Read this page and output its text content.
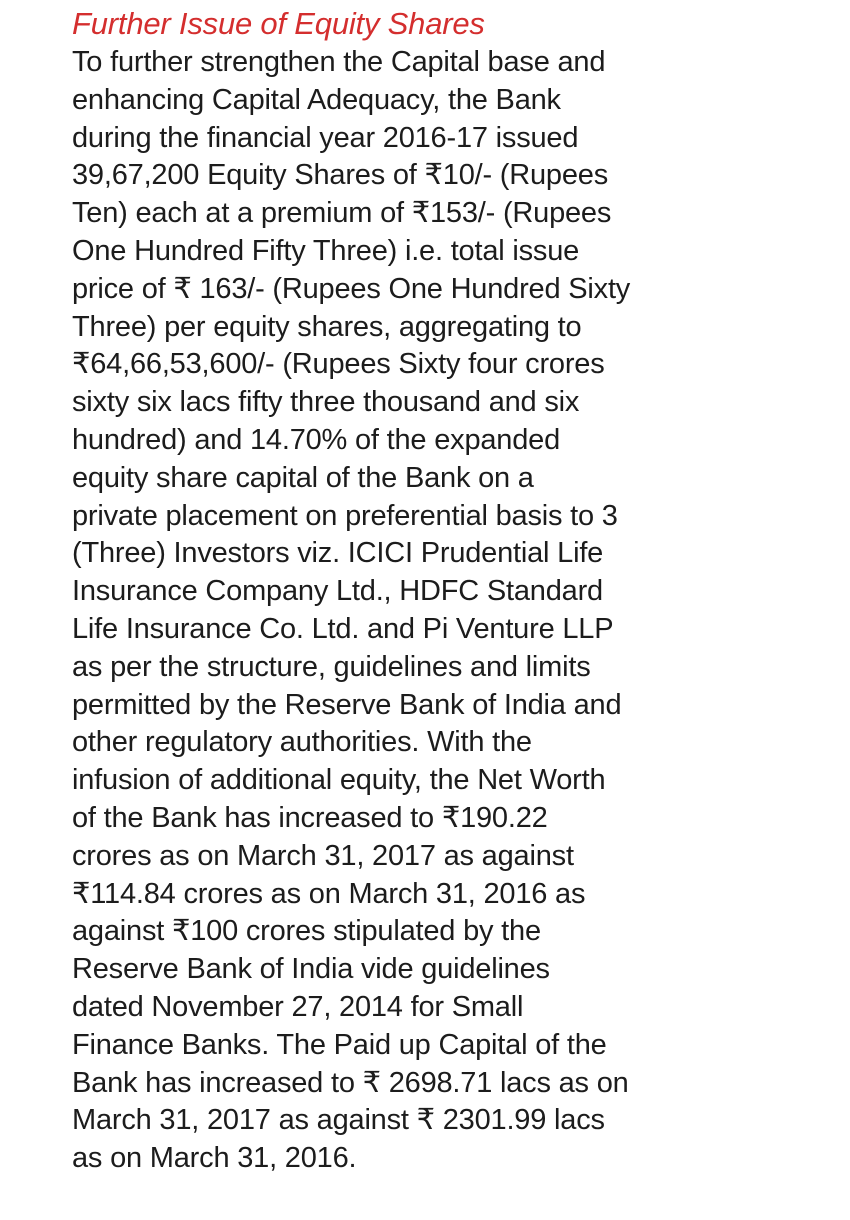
Further Issue of Equity Shares

To further strengthen the Capital base and
enhancing Capital Adequacy, the Bank
during the financial year 2016-17 issued
39,67,200 Equity Shares of ₹10/- (Rupees
Ten) each at a premium of ₹153/- (Rupees
One Hundred Fifty Three) i.e. total issue
price of ₹ 163/- (Rupees One Hundred Sixty
Three) per equity shares, aggregating to
₹64,66,53,600/- (Rupees Sixty four crores
sixty six lacs fifty three thousand and six
hundred) and 14.70% of the expanded
equity share capital of the Bank on a
private placement on preferential basis to 3
(Three) Investors viz. ICICI Prudential Life
Insurance Company Ltd., HDFC Standard
Life Insurance Co. Ltd. and Pi Venture LLP
as per the structure, guidelines and limits
permitted by the Reserve Bank of India and
other regulatory authorities. With the
infusion of additional equity, the Net Worth
of the Bank has increased to ₹190.22
crores as on March 31, 2017 as against
₹114.84 crores as on March 31, 2016 as
against ₹100 crores stipulated by the
Reserve Bank of India vide guidelines
dated November 27, 2014 for Small
Finance Banks. The Paid up Capital of the
Bank has increased to ₹ 2698.71 lacs as on
March 31, 2017 as against ₹ 2301.99 lacs
as on March 31, 2016.
